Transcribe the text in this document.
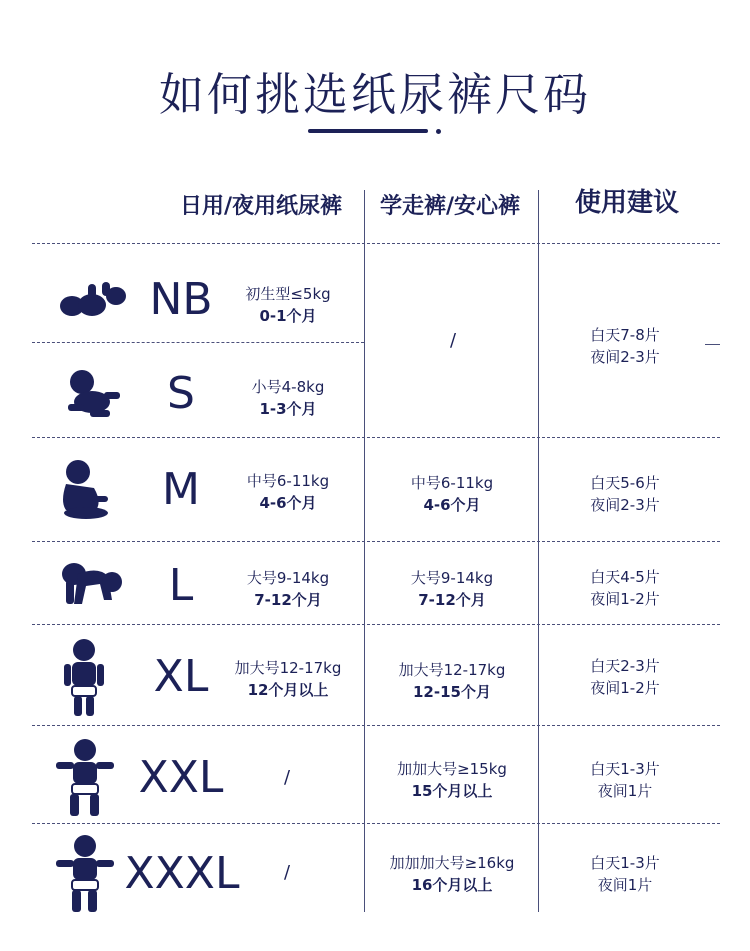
如何挑选纸尿裤尺码
日用/夜用纸尿裤 学走裤/安心裤 使用建议
NB
S
M
L
XL
XXL
XXXL
初生型≤5kg
0-1个月
小号4-8kg
1-3个月
中号6-11kg
4-6个月
大号9-14kg
7-12个月
加大号12-17kg
12个月以上
/
/
/
中号6-11kg
4-6个月
大号9-14kg
7-12个月
加大号12-17kg
12-15个月
加加大号≥15kg
15个月以上
加加加大号≥16kg
16个月以上
白天7-8片
夜间2-3片
白天5-6片
夜间2-3片
白天4-5片
夜间1-2片
白天2-3片
夜间1-2片
白天1-3片
夜间1片
白天1-3片
夜间1片
